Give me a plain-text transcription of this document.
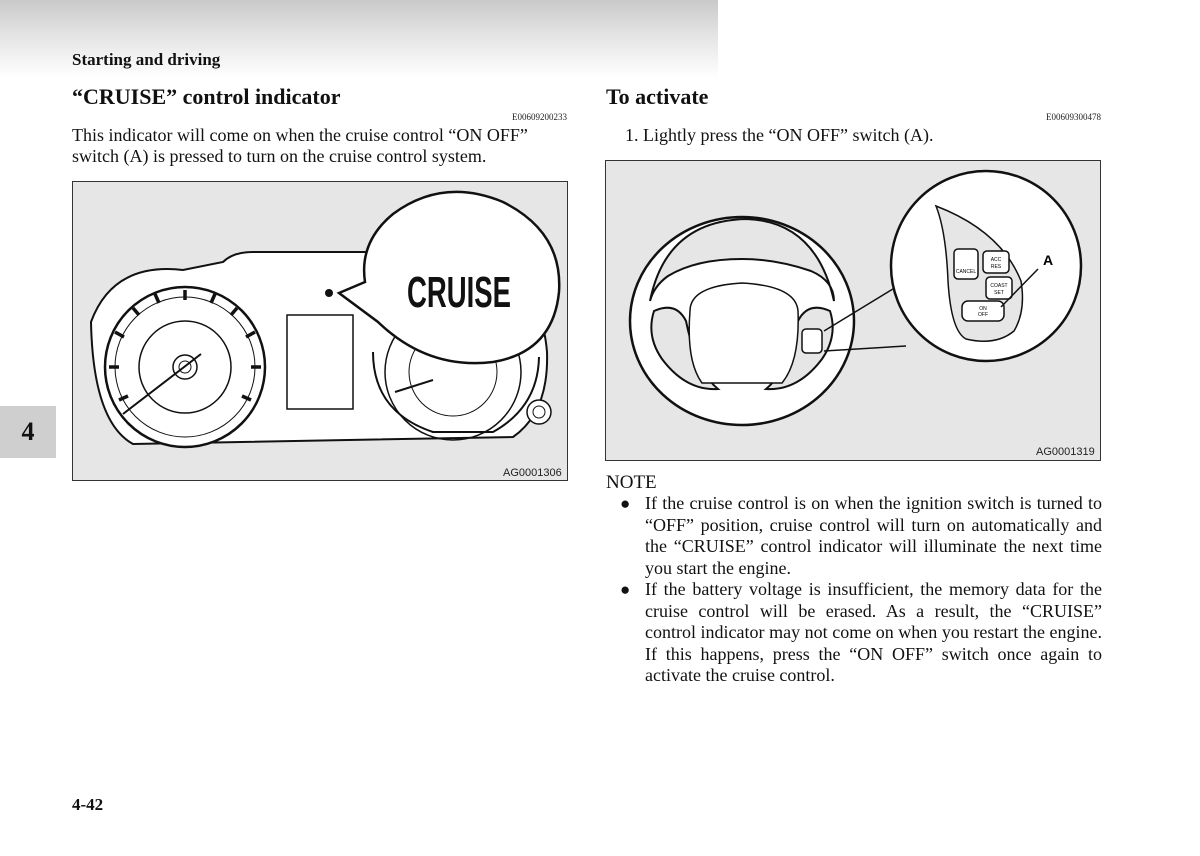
Starting and driving
4
“CRUISE” control indicator
E00609200233
This indicator will come on when the cruise control “ON OFF” switch (A) is pressed to turn on the cruise control system.
CRUISE
AG0001306
To activate
E00609300478
1. Lightly press the “ON OFF” switch (A).
CANCEL
ACC
RES
COAST
SET
ON
OFF
A
AG0001319
NOTE
● If the cruise control is on when the ignition switch is turned to “OFF” position, cruise control will turn on automatically and the “CRUISE” control indicator will illuminate the next time you start the engine.
● If the battery voltage is insufficient, the memory data for the cruise control will be erased. As a result, the “CRUISE” control indicator may not come on when you restart the engine. If this happens, press the “ON OFF” switch once again to activate the cruise control.
4-42
